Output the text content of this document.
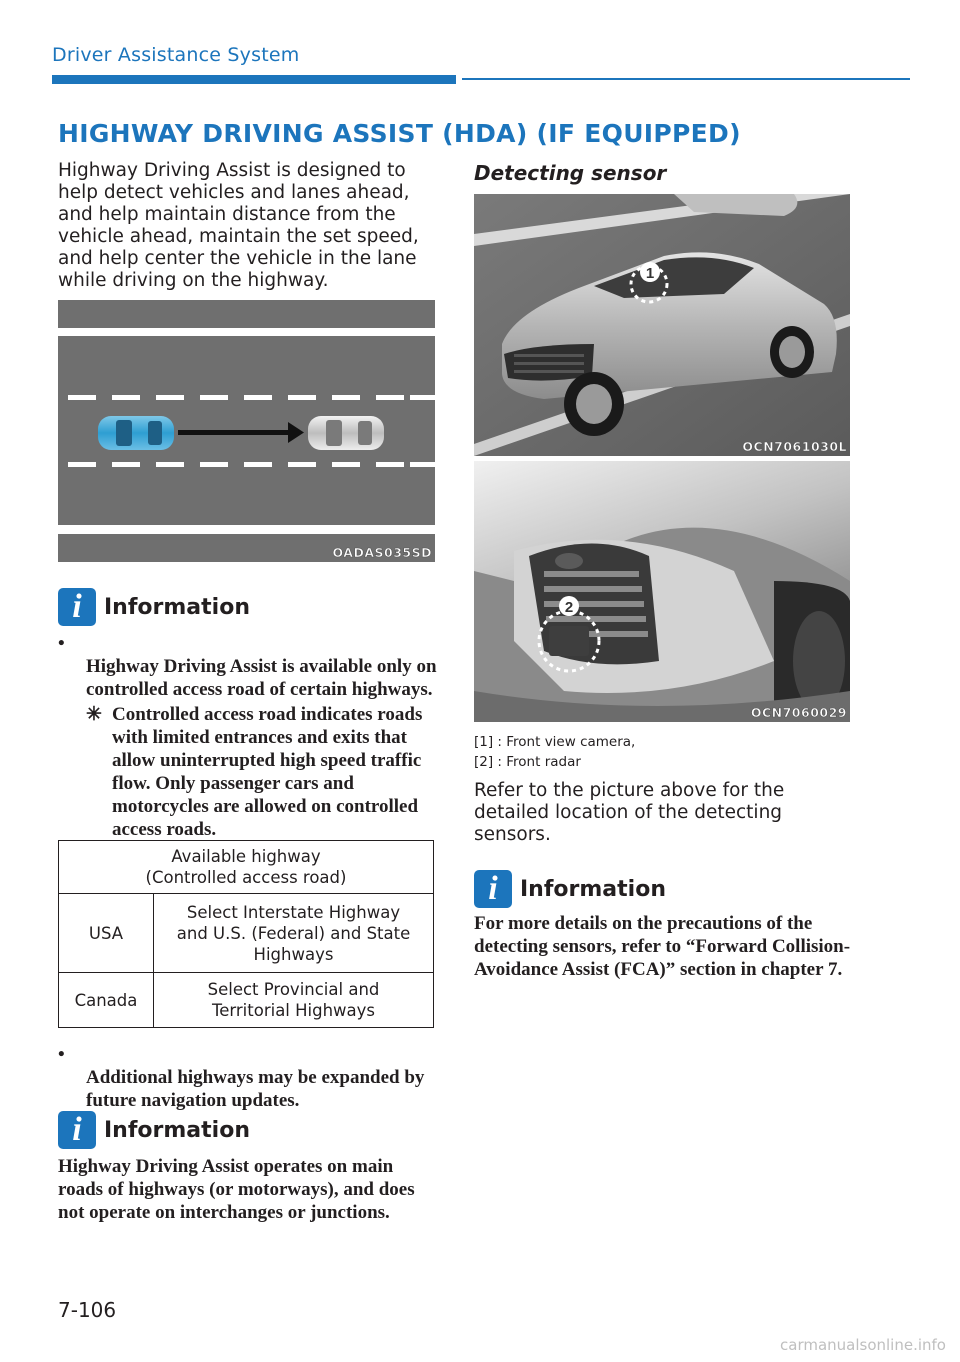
Driver Assistance System
HIGHWAY DRIVING ASSIST (HDA) (IF EQUIPPED)
Highway Driving Assist is designed to help detect vehicles and lanes ahead, and help maintain distance from the vehicle ahead, maintain the set speed, and help center the vehicle in the lane while driving on the highway.
OADAS035SD
i	Information
•
Highway Driving Assist is available only on controlled access road of certain highways.
✳ Controlled access road indicates roads with limited entrances and exits that allow uninterrupted high speed traffic flow. Only passenger cars and motorcycles are allowed on controlled access roads.
Available highway
(Controlled access road)	

USA	Select Interstate Highway
and U.S. (Federal) and State
Highways

Canada	Select Provincial and
Territorial Highways
•
Additional highways may be expanded by future navigation updates.
i	Information
Highway Driving Assist operates on main roads of highways (or motorways), and does not operate on interchanges or junctions.
Detecting sensor
1
OCN7061030L
2
OCN7060029
[1] : Front view camera,
[2] : Front radar
Refer to the picture above for the detailed location of the detecting sensors.
i	Information
For more details on the precautions of the detecting sensors, refer to “Forward Collision-Avoidance Assist (FCA)” section in chapter 7.
7-106
carmanualsonline.info
